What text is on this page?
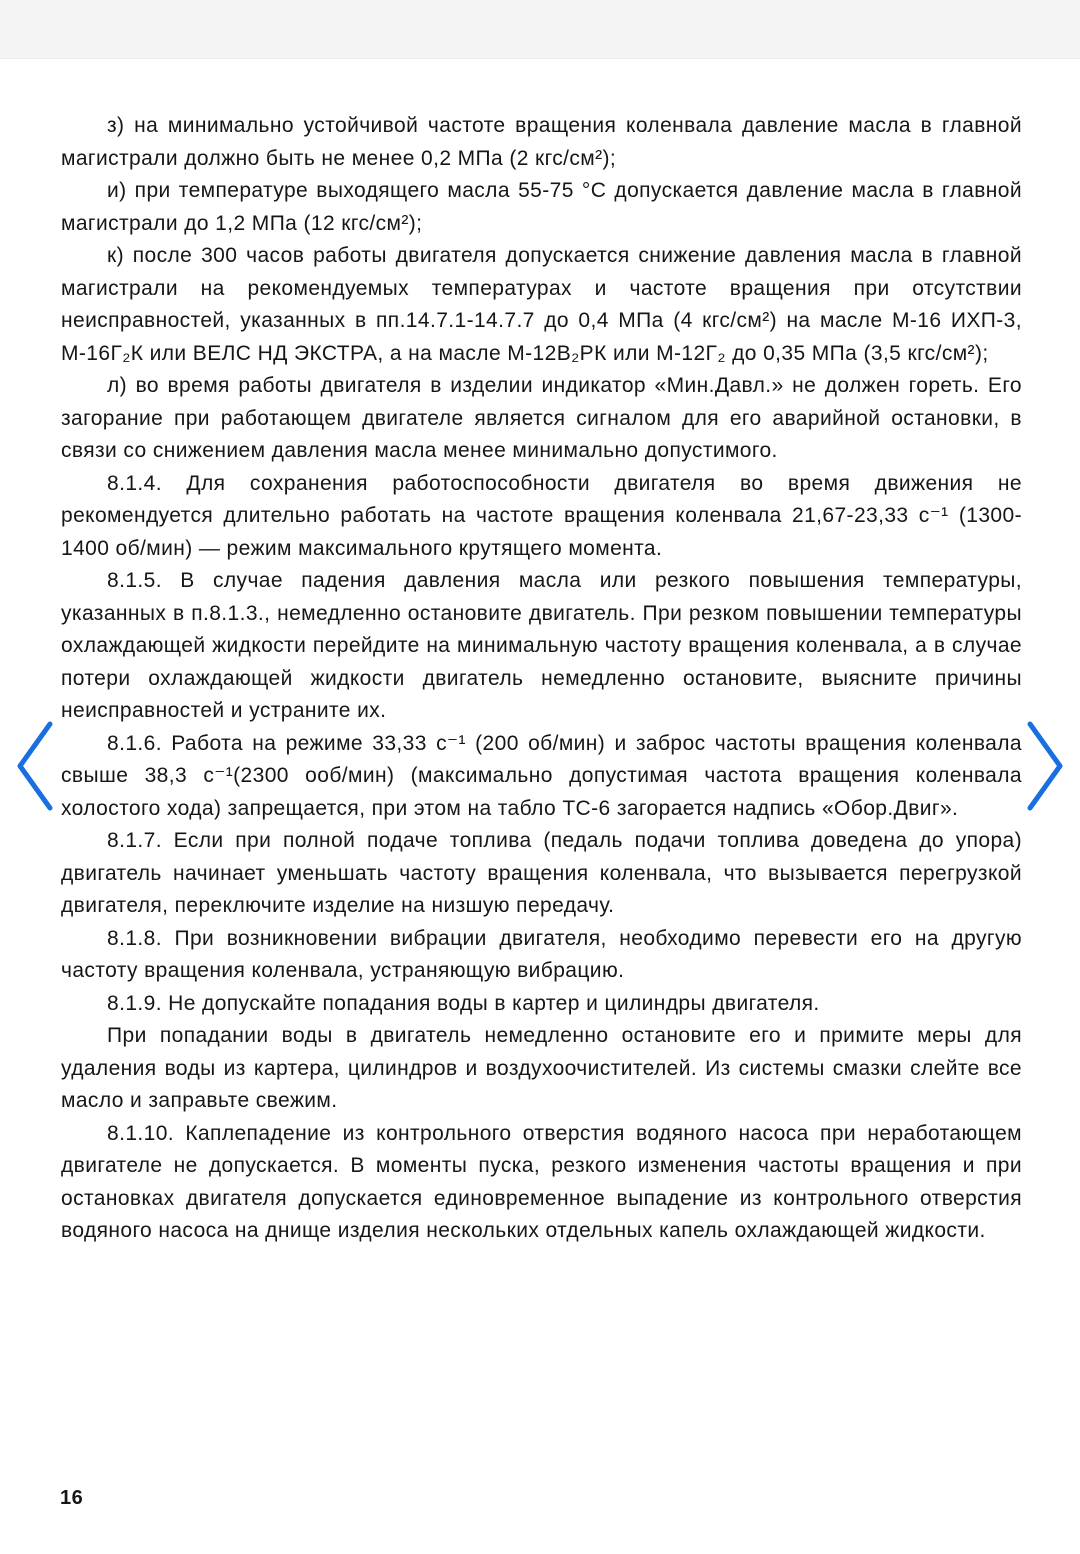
з) на минимально устойчивой частоте вращения коленвала давление масла в главной магистрали должно быть не менее 0,2 МПа (2 кгс/см²);

и) при температуре выходящего масла 55-75 °С допускается давление масла в главной магистрали до 1,2 МПа (12 кгс/см²);

к) после 300 часов работы двигателя допускается снижение давления масла в главной магистрали на рекомендуемых температурах и частоте вращения при отсутствии неисправностей, указанных в пп.14.7.1-14.7.7 до 0,4 МПа (4 кгс/см²) на масле М-16 ИХП-3, М-16Г₂К или ВЕЛС НД ЭКСТРА, а на масле М-12В₂РК или М-12Г₂ до 0,35 МПа (3,5 кгс/см²);

л) во время работы двигателя в изделии индикатор «Мин.Давл.» не должен гореть. Его загорание при работающем двигателе является сигналом для его аварийной остановки, в связи со снижением давления масла менее минимально допустимого.

8.1.4. Для сохранения работоспособности двигателя во время движения не рекомендуется длительно работать на частоте вращения коленвала 21,67-23,33 с⁻¹ (1300-1400 об/мин) — режим максимального крутящего момента.

8.1.5. В случае падения давления масла или резкого повышения температуры, указанных в п.8.1.3., немедленно остановите двигатель. При резком повышении температуры охлаждающей жидкости перейдите на минимальную частоту вращения коленвала, а в случае потери охлаждающей жидкости двигатель немедленно остановите, выясните причины неисправностей и устраните их.

8.1.6. Работа на режиме 33,33 с⁻¹ (200 об/мин) и заброс частоты вращения коленвала свыше 38,3 с⁻¹(2300 ооб/мин) (максимально допустимая частота вращения коленвала холостого хода) запрещается, при этом на табло ТС-6 загорается надпись «Обор.Двиг».

8.1.7. Если при полной подаче топлива (педаль подачи топлива доведена до упора) двигатель начинает уменьшать частоту вращения коленвала, что вызывается перегрузкой двигателя, переключите изделие на низшую передачу.

8.1.8. При возникновении вибрации двигателя, необходимо перевести его на другую частоту вращения коленвала, устраняющую вибрацию.

8.1.9. Не допускайте попадания воды в картер и цилиндры двигателя.

При попадании воды в двигатель немедленно остановите его и примите меры для удаления воды из картера, цилиндров и воздухоочистителей. Из системы смазки слейте все масло и заправьте свежим.

8.1.10. Каплепадение из контрольного отверстия водяного насоса при неработающем двигателе не допускается. В моменты пуска, резкого изменения частоты вращения и при остановках двигателя допускается единовременное выпадение из контрольного отверстия водяного насоса на днище изделия нескольких отдельных капель охлаждающей жидкости.

16
